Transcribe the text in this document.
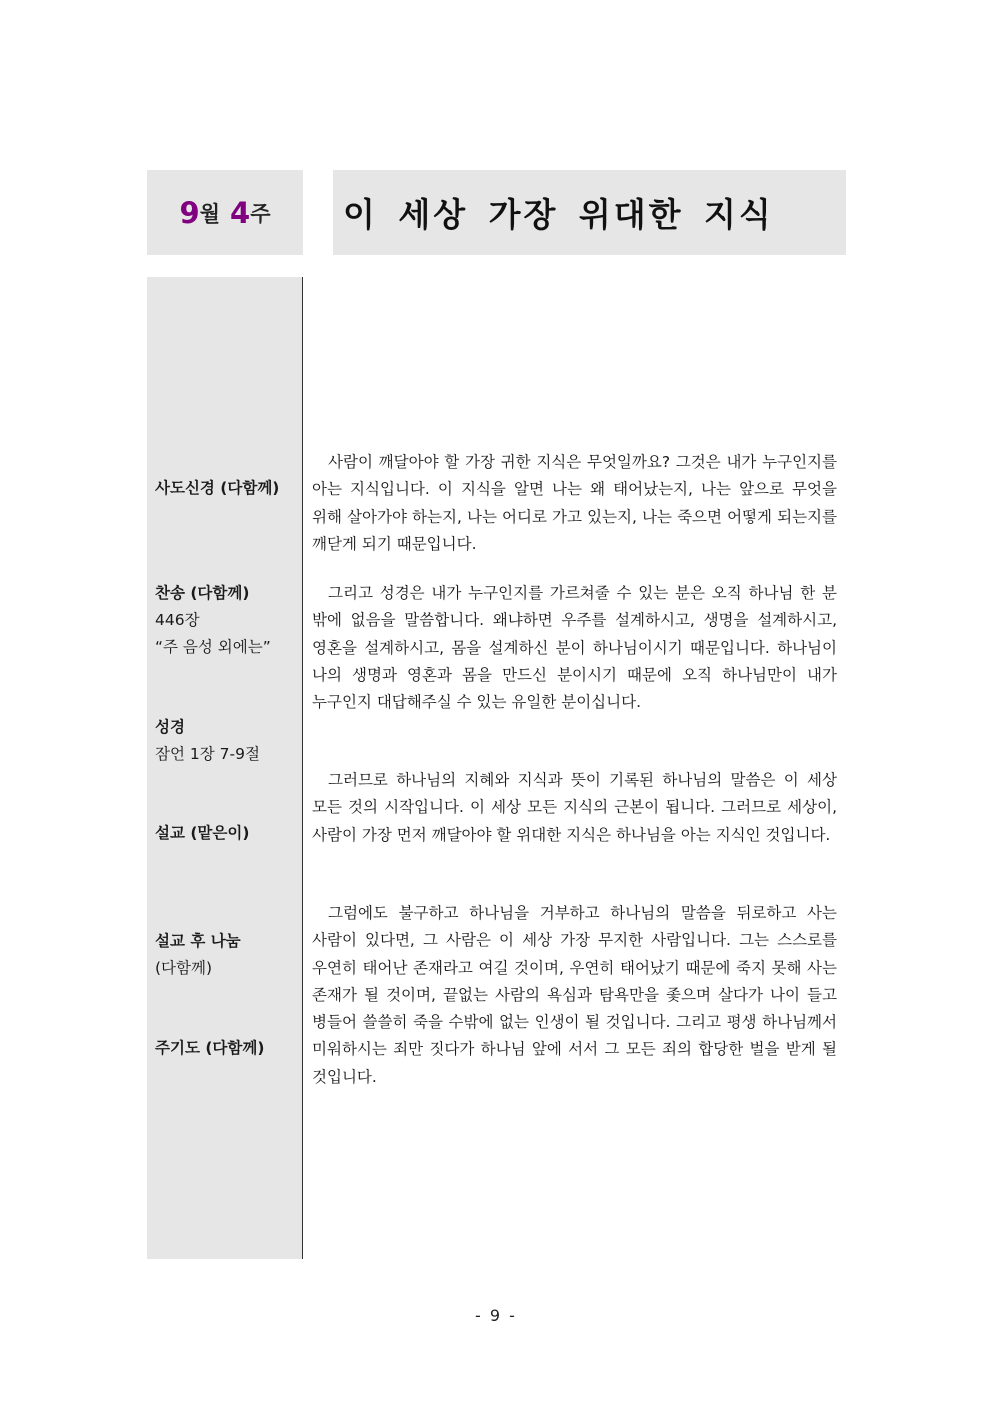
9 월 4 주 이 세상 가장 위대한 지식
사도신경 (다함께)
찬송 (다함께)
446장
“주 음성 외에는”
성경
잠언 1장 7-9절
설교 (맡은이)
설교 후 나눔
(다함께)
주기도 (다함께)

사람이 깨달아야 할 가장 귀한 지식은 무엇일까요? 그것은 내가 누구인지를 아는 지식입니다. 이 지식을 알면 나는 왜 태어났는지, 나는 앞으로 무엇을 위해 살아가야 하는지, 나는 어디로 가고 있는지, 나는 죽으면 어떻게 되는지를 깨닫게 되기 때문입니다.

그리고 성경은 내가 누구인지를 가르쳐줄 수 있는 분은 오직 하나님 한 분 밖에 없음을 말씀합니다. 왜냐하면 우주를 설계하시고, 생명을 설계하시고, 영혼을 설계하시고, 몸을 설계하신 분이 하나님이시기 때문입니다. 하나님이 나의 생명과 영혼과 몸을 만드신 분이시기 때문에 오직 하나님만이 내가 누구인지 대답해주실 수 있는 유일한 분이십니다.

그러므로 하나님의 지혜와 지식과 뜻이 기록된 하나님의 말씀은 이 세상 모든 것의 시작입니다. 이 세상 모든 지식의 근본이 됩니다. 그러므로 세상이, 사람이 가장 먼저 깨달아야 할 위대한 지식은 하나님을 아는 지식인 것입니다.

그럼에도 불구하고 하나님을 거부하고 하나님의 말씀을 뒤로하고 사는 사람이 있다면, 그 사람은 이 세상 가장 무지한 사람입니다. 그는 스스로를 우연히 태어난 존재라고 여길 것이며, 우연히 태어났기 때문에 죽지 못해 사는 존재가 될 것이며, 끝없는 사람의 욕심과 탐욕만을 좇으며 살다가 나이 들고 병들어 쓸쓸히 죽을 수밖에 없는 인생이 될 것입니다. 그리고 평생 하나님께서 미워하시는 죄만 짓다가 하나님 앞에 서서 그 모든 죄의 합당한 벌을 받게 될 것입니다.

- 9 -
